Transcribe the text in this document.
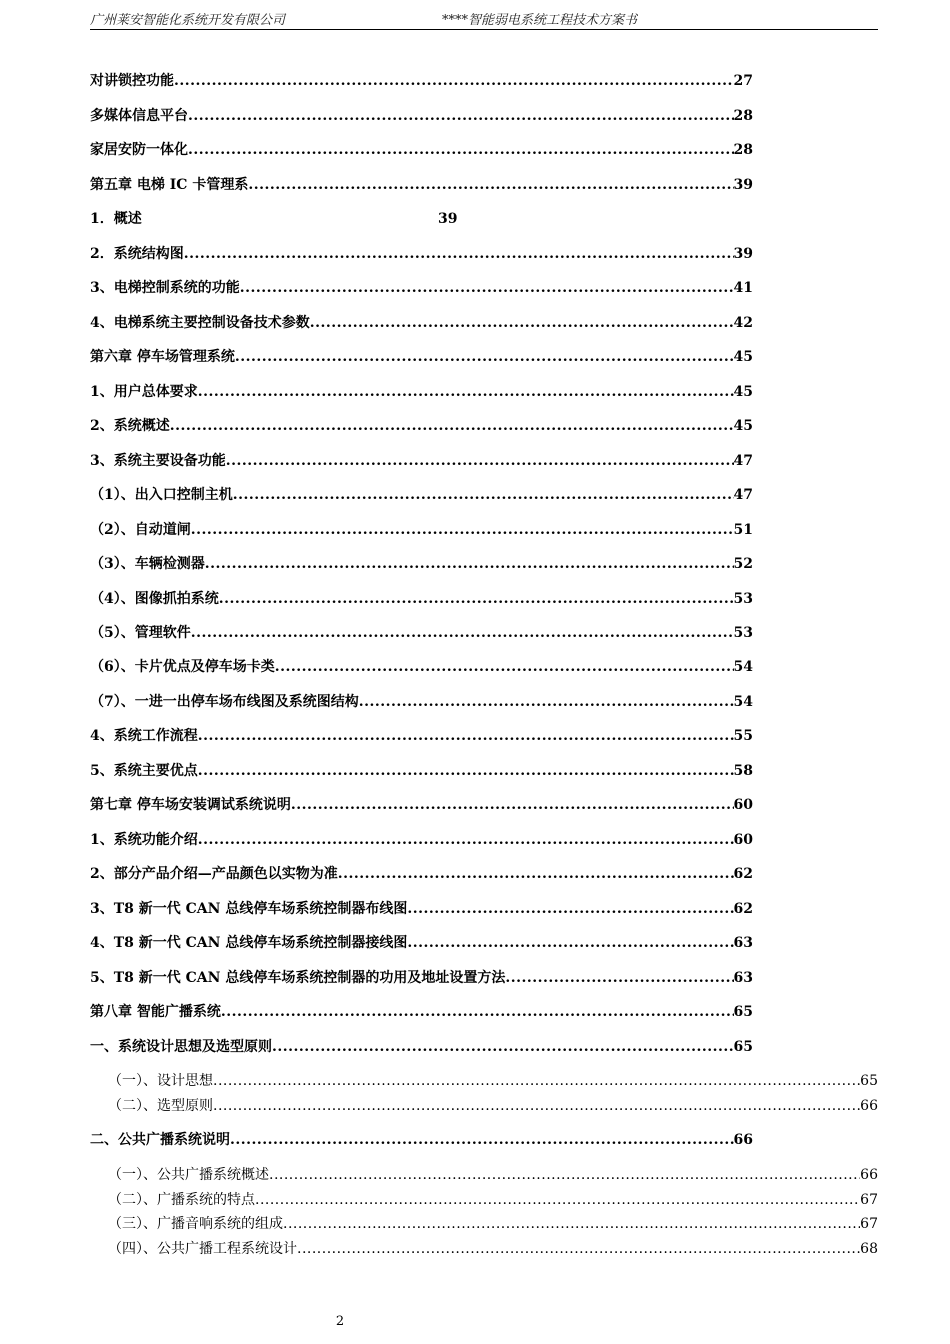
广州莱安智能化系统开发有限公司	****智能弱电系统工程技术方案书
对讲锁控功能 .....	27
多媒体信息平台 .....	28
家居安防一体化 .....	28
第五章 电梯 IC 卡管理系 .....	39
1．概述	39
2．系统结构图 .....	39
3、电梯控制系统的功能 .....	41
4、电梯系统主要控制设备技术参数 .....	42
第六章 停车场管理系统 .....	45
1、用户总体要求 .....	45
2、系统概述 .....	45
3、系统主要设备功能 .....	47
（1）、出入口控制主机 .....	47
（2）、自动道闸 .....	51
（3）、车辆检测器 .....	52
（4）、图像抓拍系统 .....	53
（5）、管理软件 .....	53
（6）、卡片优点及停车场卡类 .....	54
（7）、一进一出停车场布线图及系统图结构 .....	54
4、系统工作流程 .....	55
5、系统主要优点 .....	58
第七章 停车场安装调试系统说明 .....	60
1、系统功能介绍 .....	60
2、部分产品介绍—产品颜色以实物为准 .....	62
3、T8 新一代 CAN 总线停车场系统控制器布线图 .....	62
4、T8 新一代 CAN 总线停车场系统控制器接线图 .....	63
5、T8 新一代 CAN 总线停车场系统控制器的功用及地址设置方法 .....	63
第八章 智能广播系统 .....	65
一、系统设计思想及选型原则 .....	65
（一）、设计思想 .....	65
（二）、选型原则 .....	66
二、公共广播系统说明 .....	66
（一）、公共广播系统概述 .....	66
（二）、广播系统的特点 .....	67
（三）、广播音响系统的组成 .....	67
（四）、公共广播工程系统设计 .....	68
2
